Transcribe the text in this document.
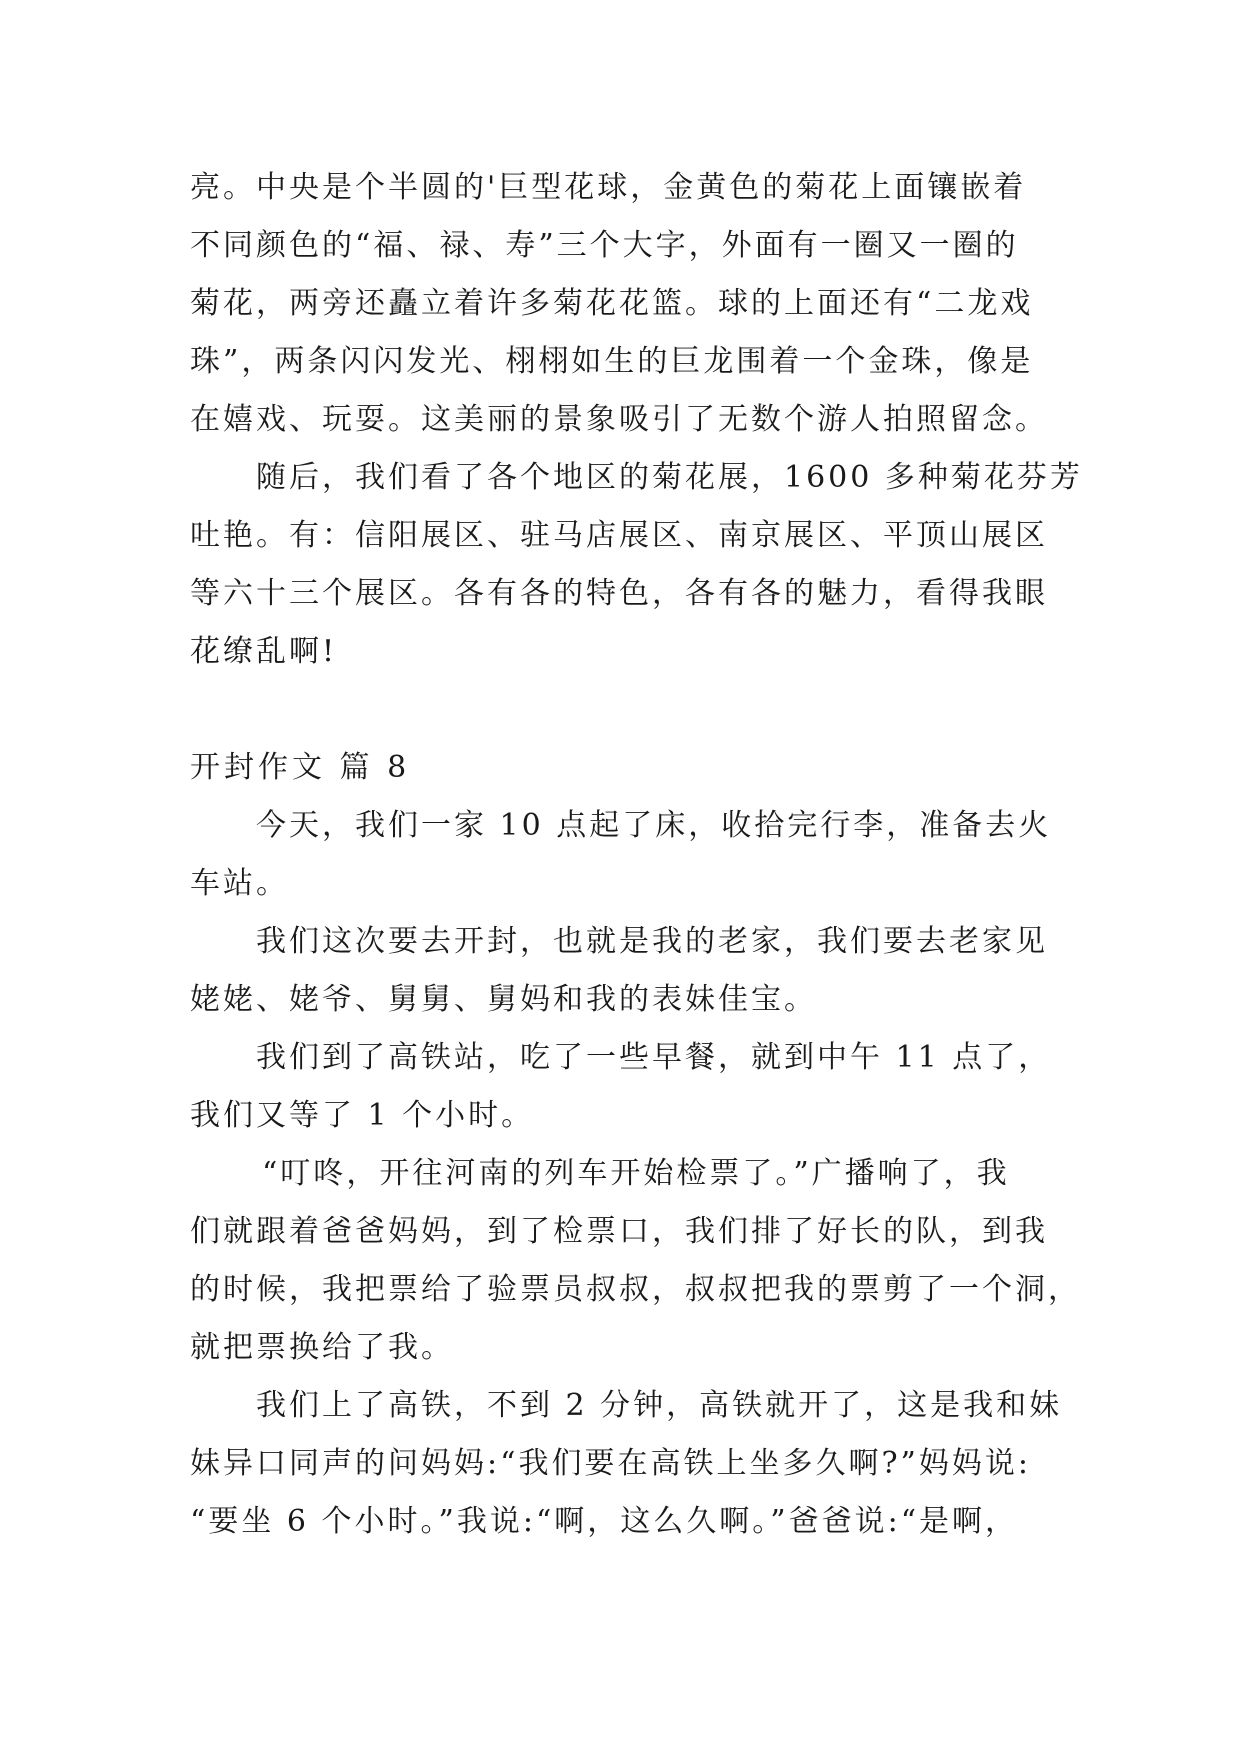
亮。中央是个半圆的'巨型花球，金黄色的菊花上面镶嵌着
不同颜色的“福、禄、寿”三个大字，外面有一圈又一圈的
菊花，两旁还矗立着许多菊花花篮。球的上面还有“二龙戏
珠”，两条闪闪发光、栩栩如生的巨龙围着一个金珠，像是
在嬉戏、玩耍。这美丽的景象吸引了无数个游人拍照留念。
随后，我们看了各个地区的菊花展，1600 多种菊花芬芳
吐艳。有：信阳展区、驻马店展区、南京展区、平顶山展区
等六十三个展区。各有各的特色，各有各的魅力，看得我眼
花缭乱啊!
开封作文 篇 8
今天，我们一家 10 点起了床，收拾完行李，准备去火
车站。
我们这次要去开封，也就是我的老家，我们要去老家见
姥姥、姥爷、舅舅、舅妈和我的表妹佳宝。
我们到了高铁站，吃了一些早餐，就到中午 11 点了，
我们又等了 1 个小时。
“叮咚，开往河南的列车开始检票了。”广播响了，我
们就跟着爸爸妈妈，到了检票口，我们排了好长的队，到我
的时候，我把票给了验票员叔叔，叔叔把我的票剪了一个洞，
就把票换给了我。
我们上了高铁，不到 2 分钟，高铁就开了，这是我和妹
妹异口同声的问妈妈:“我们要在高铁上坐多久啊?”妈妈说:
“要坐 6 个小时。”我说:“啊，这么久啊。”爸爸说:“是啊，
